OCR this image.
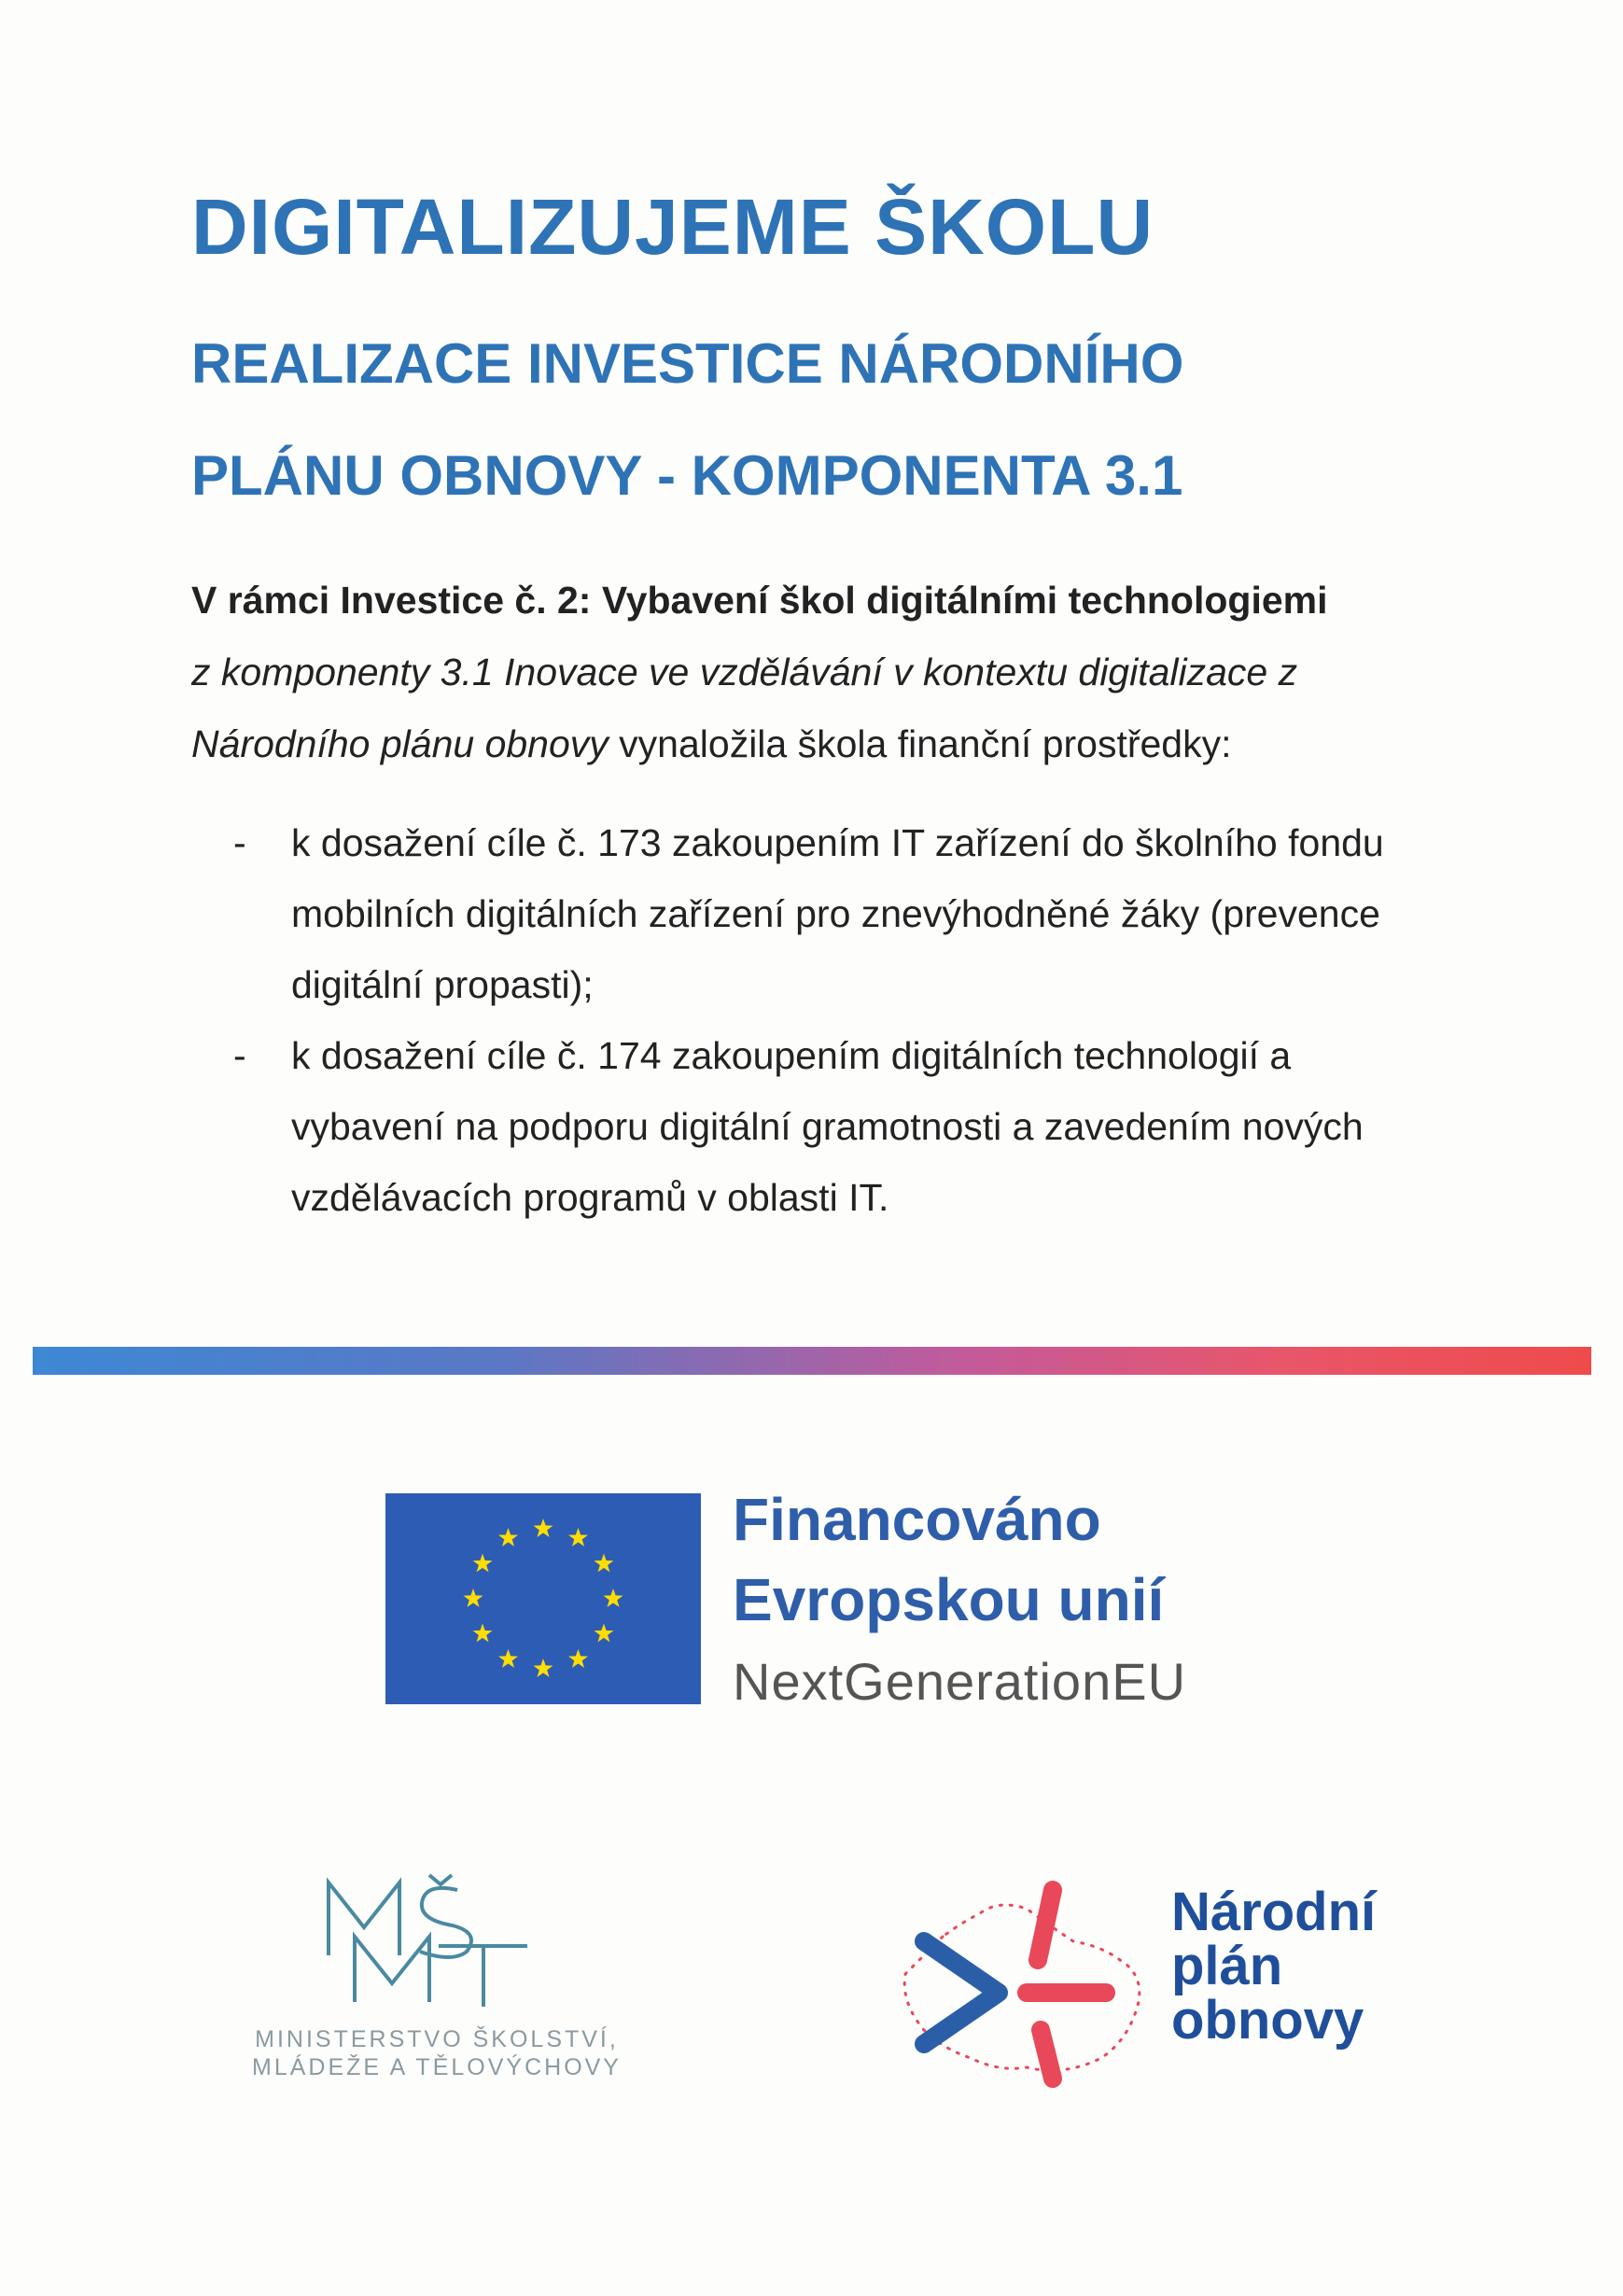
DIGITALIZUJEME ŠKOLU
REALIZACE INVESTICE NÁRODNÍHO
PLÁNU OBNOVY - KOMPONENTA 3.1
V rámci Investice č. 2: Vybavení škol digitálními technologiemi
z komponenty 3.1 Inovace ve vzdělávání v kontextu digitalizace z Národního plánu obnovy vynaložila škola finanční prostředky:
- k dosažení cíle č. 173 zakoupením IT zařízení do školního fondu mobilních digitálních zařízení pro znevýhodněné žáky (prevence digitální propasti);
- k dosažení cíle č. 174 zakoupením digitálních technologií a vybavení na podporu digitální gramotnosti a zavedením nových vzdělávacích programů v oblasti IT.
Financováno
Evropskou unií
NextGenerationEU
MŠMT
MINISTERSTVO ŠKOLSTVÍ,
MLÁDEŽE A TĚLOVÝCHOVY
Národní
plán
obnovy
